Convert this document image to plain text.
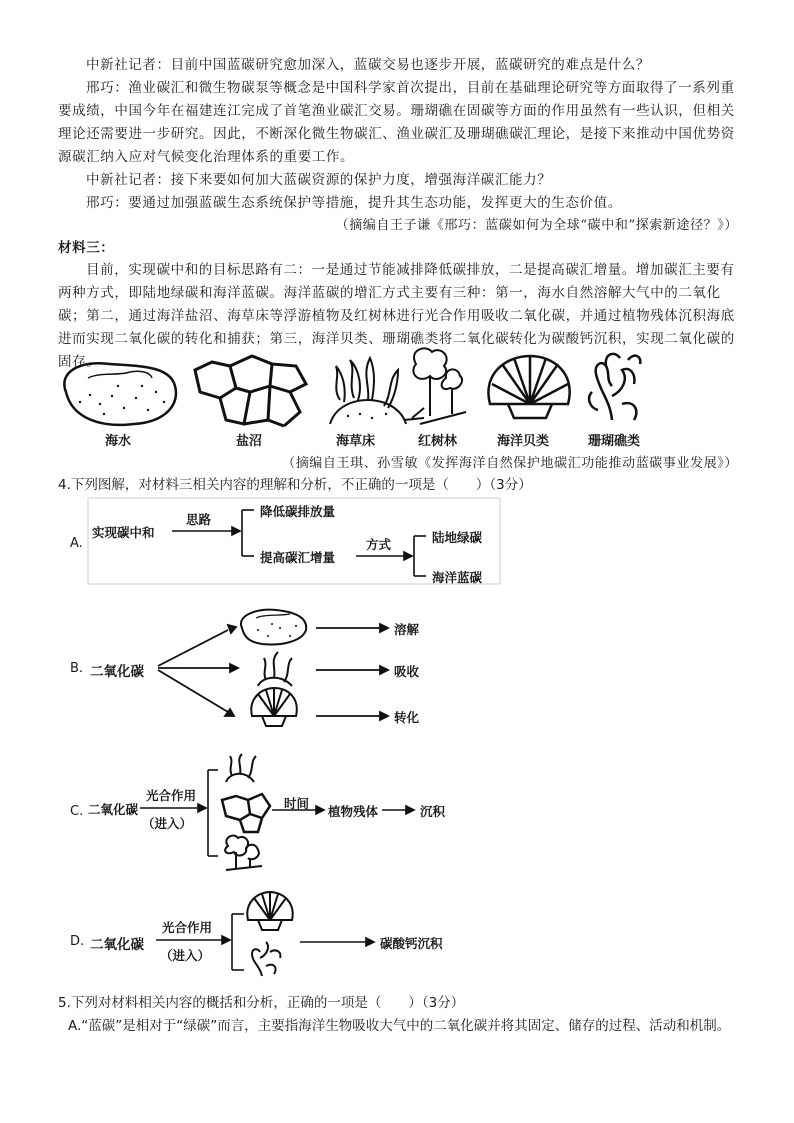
中新社记者：目前中国蓝碳研究愈加深入，蓝碳交易也逐步开展，蓝碳研究的难点是什么？
邢巧：渔业碳汇和微生物碳泵等概念是中国科学家首次提出，目前在基础理论研究等方面取得了一系列重要成绩，中国今年在福建连江完成了首笔渔业碳汇交易。珊瑚礁在固碳等方面的作用虽然有一些认识，但相关理论还需要进一步研究。因此，不断深化微生物碳汇、渔业碳汇及珊瑚礁碳汇理论，是接下来推动中国优势资源碳汇纳入应对气候变化治理体系的重要工作。
中新社记者：接下来要如何加大蓝碳资源的保护力度，增强海洋碳汇能力？
邢巧：要通过加强蓝碳生态系统保护等措施，提升其生态功能，发挥更大的生态价值。
（摘编自王子谦《邢巧：蓝碳如何为全球“碳中和”探索新途径？》）
材料三：
目前，实现碳中和的目标思路有二：一是通过节能减排降低碳排放，二是提高碳汇增量。增加碳汇主要有两种方式，即陆地绿碳和海洋蓝碳。海洋蓝碳的增汇方式主要有三种：第一，海水自然溶解大气中的二氧化碳；第二，通过海洋盐沼、海草床等浮游植物及红树林进行光合作用吸收二氧化碳，并通过植物残体沉积海底进而实现二氧化碳的转化和捕获；第三，海洋贝类、珊瑚礁类将二氧化碳转化为碳酸钙沉积，实现二氧化碳的固存。
海水	盐沼	海草床	红树林	海洋贝类	珊瑚礁类
（摘编自王琪、孙雪敏《发挥海洋自然保护地碳汇功能推动蓝碳事业发展》）
4.下列图解，对材料三相关内容的理解和分析，不正确的一项是（　　）（3分）
A.
实现碳中和
思路
降低碳排放量
提高碳汇增量
方式	陆地绿碳
海洋蓝碳
B. 二氧化碳
溶解
吸收
转化
C. 二氧化碳
光合作用
（进入）
时间
植物残体	沉积
D. 二氧化碳
光合作用
（进入）
碳酸钙沉积
5.下列对材料相关内容的概括和分析，正确的一项是（　　）（3分）
A.“蓝碳”是相对于“绿碳”而言，主要指海洋生物吸收大气中的二氧化碳并将其固定、储存的过程、活动和机制。
